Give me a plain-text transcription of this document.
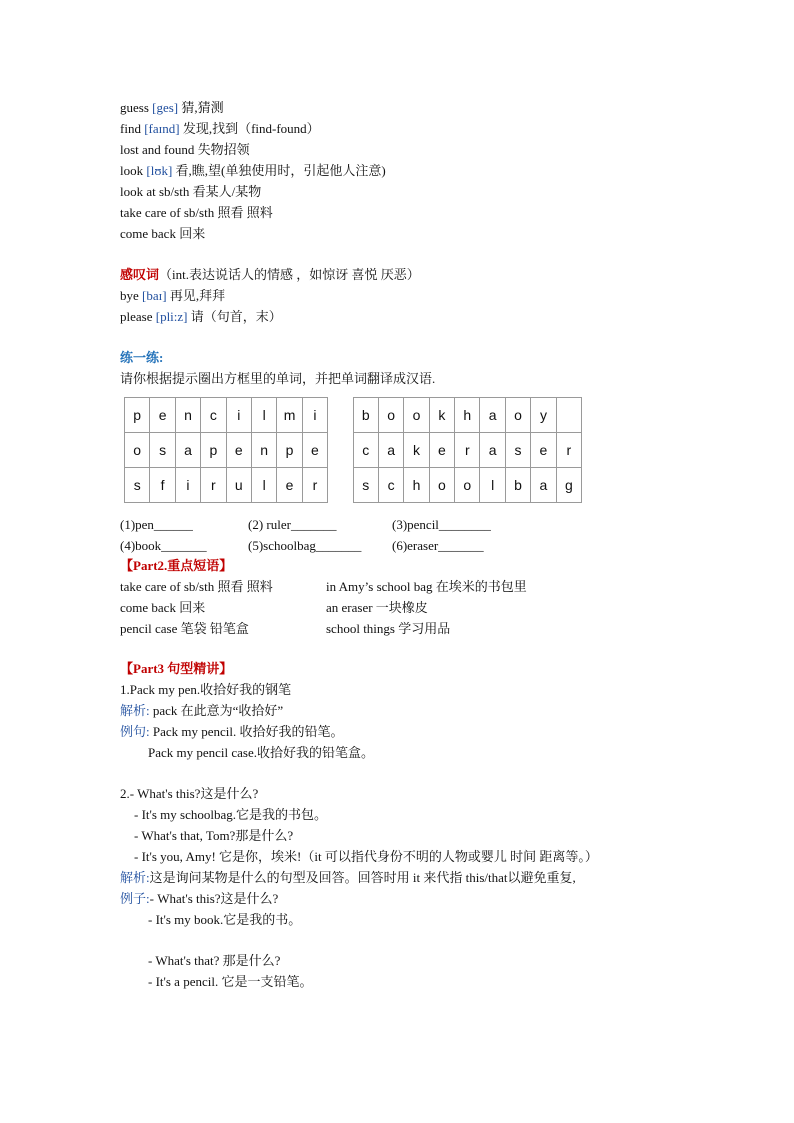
guess [ges] 猜,猜测
find [faɪnd] 发现,找到（find-found）
lost and found 失物招领
look [lʊk] 看,瞧,望(单独使用时，引起他人注意)
look at sb/sth 看某人/某物
take care of sb/sth 照看 照料
come back 回来
感叹词（int.表达说话人的情感 ，如惊讶 喜悦 厌恶）
bye [baɪ] 再见,拜拜
please [pli:z] 请（句首，末）
练一练:
请你根据提示圈出方框里的单词，并把单词翻译成汉语.
p	e	n	c	i	l	m	i		b	o	o	k	h	a	o	y	
o	s	a	p	e	n	p	e		c	a	k	e	r	a	s	e	r
s	f	i	r	u	l	e	r		s	c	h	o	o	l	b	a	g
(1)pen______	(2) ruler_______	(3)pencil________
(4)book_______	(5)schoolbag_______ (6)eraser_______
【Part2.重点短语】
take care of sb/sth 照看 照料	in Amy’s school bag 在埃米的书包里
come back 回来	an eraser 一块橡皮
pencil case 笔袋 铅笔盒	school things 学习用品
【Part3 句型精讲】
1.Pack my pen.收拾好我的钢笔
解析: pack 在此意为“收拾好”
例句: Pack my pencil. 收拾好我的铅笔。
Pack my pencil case.收拾好我的铅笔盒。
2.- What's this?这是什么?
- It's my schoolbag.它是我的书包。
- What's that, Tom?那是什么?
- It's you, Amy! 它是你，埃米!（it 可以指代身份不明的人物或婴儿 时间 距离等。）
解析:这是询问某物是什么的句型及回答。回答时用 it 来代指 this/that以避免重复,
例子:- What's this?这是什么?
- It's my book.它是我的书。
- What's that? 那是什么?
- It's a pencil. 它是一支铅笔。
